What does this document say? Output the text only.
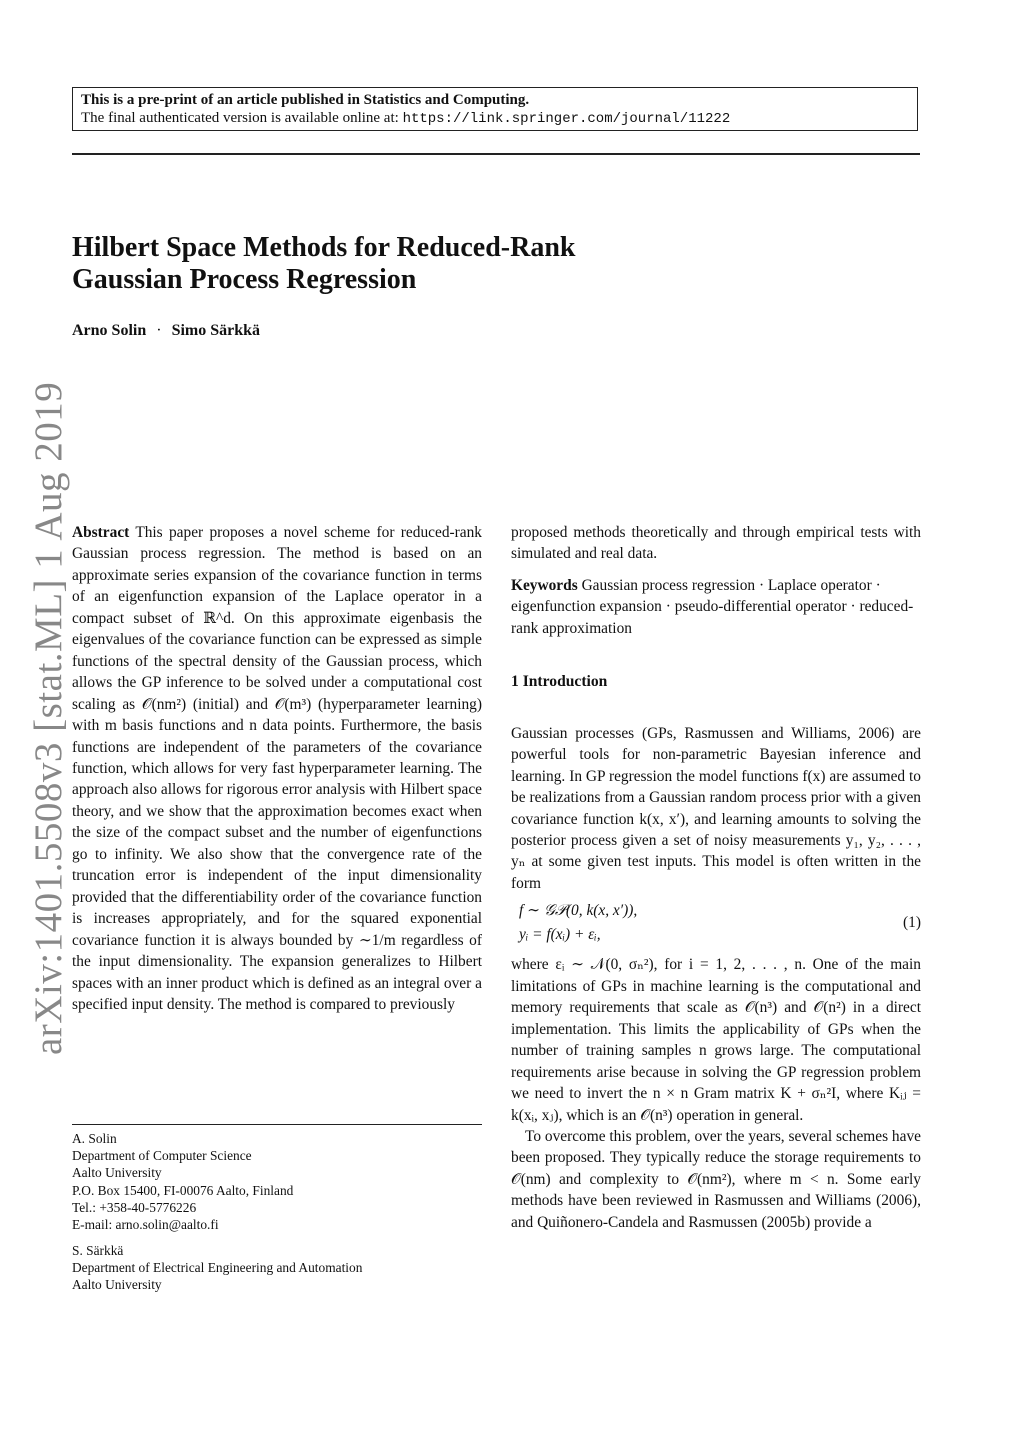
This is a pre-print of an article published in Statistics and Computing.
The final authenticated version is available online at: https://link.springer.com/journal/11222
Hilbert Space Methods for Reduced-Rank
Gaussian Process Regression
Arno Solin · Simo Särkkä
arXiv:1401.5508v3 [stat.ML] 1 Aug 2019 Abstract This paper proposes a novel scheme for reduced-rank Gaussian process regression. The method is based on an approximate series expansion of the covariance function in terms of an eigenfunction expansion of the Laplace operator in a compact subset of ℝ^d. On this approximate eigenbasis the eigenvalues of the covariance function can be expressed as simple functions of the spectral density of the Gaussian process, which allows the GP inference to be solved under a computational cost scaling as 𝒪(nm²) (initial) and 𝒪(m³) (hyperparameter learning) with m basis functions and n data points. Furthermore, the basis functions are independent of the parameters of the covariance function, which allows for very fast hyperparameter learning. The approach also allows for rigorous error analysis with Hilbert space theory, and we show that the approximation becomes exact when the size of the compact subset and the number of eigenfunctions go to infinity. We also show that the convergence rate of the truncation error is independent of the input dimensionality provided that the differentiability order of the covariance function is increases appropriately, and for the squared exponential covariance function it is always bounded by ∼1/m regardless of the input dimensionality. The expansion generalizes to Hilbert spaces with an inner product which is defined as an integral over a specified input density. The method is compared to previously

A. Solin
Department of Computer Science
Aalto University
P.O. Box 15400, FI-00076 Aalto, Finland
Tel.: +358-40-5776226
E-mail: arno.solin@aalto.fi
S. Särkkä
Department of Electrical Engineering and Automation
Aalto University

proposed methods theoretically and through empirical tests with simulated and real data.

Keywords Gaussian process regression · Laplace operator · eigenfunction expansion · pseudo-differential operator · reduced-rank approximation

1 Introduction

Gaussian processes (GPs, Rasmussen and Williams, 2006) are powerful tools for non-parametric Bayesian inference and learning. In GP regression the model functions f(x) are assumed to be realizations from a Gaussian random process prior with a given covariance function k(x, x′), and learning amounts to solving the posterior process given a set of noisy measurements y₁, y₂, . . . , yₙ at some given test inputs. This model is often written in the form

f ∼ 𝒢𝒫(0, k(x, x′)),
yᵢ = f(xᵢ) + εᵢ,
(1)

where εᵢ ∼ 𝒩(0, σₙ²), for i = 1, 2, . . . , n. One of the main limitations of GPs in machine learning is the computational and memory requirements that scale as 𝒪(n³) and 𝒪(n²) in a direct implementation. This limits the applicability of GPs when the number of training samples n grows large. The computational requirements arise because in solving the GP regression problem we need to invert the n × n Gram matrix K + σₙ²I, where Kᵢⱼ = k(xᵢ, xⱼ), which is an 𝒪(n³) operation in general.

To overcome this problem, over the years, several schemes have been proposed. They typically reduce the storage requirements to 𝒪(nm) and complexity to 𝒪(nm²), where m < n. Some early methods have been reviewed in Rasmussen and Williams (2006), and Quiñonero-Candela and Rasmussen (2005b) provide a
